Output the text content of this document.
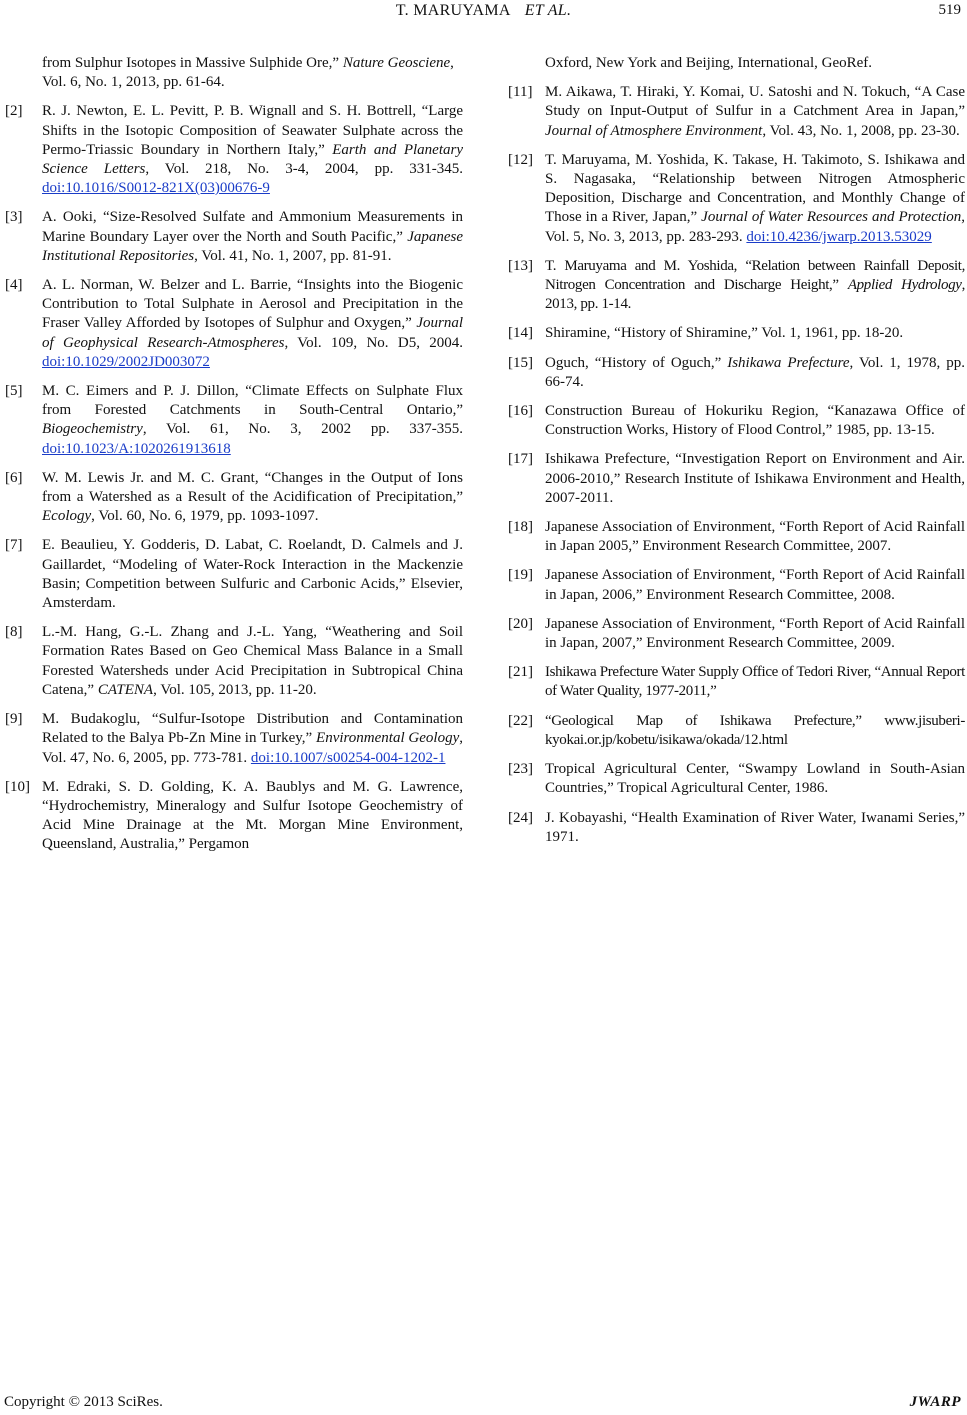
T. MARUYAMA ET AL.	519
from Sulphur Isotopes in Massive Sulphide Ore,” Nature Geosciene, Vol. 6, No. 1, 2013, pp. 61-64.
[2]	R. J. Newton, E. L. Pevitt, P. B. Wignall and S. H. Bottrell, “Large Shifts in the Isotopic Composition of Seawater Sulphate across the Permo-Triassic Boundary in Northern Italy,” Earth and Planetary Science Letters, Vol. 218, No. 3-4, 2004, pp. 331-345. doi:10.1016/S0012-821X(03)00676-9
[3]	A. Ooki, “Size-Resolved Sulfate and Ammonium Measurements in Marine Boundary Layer over the North and South Pacific,” Japanese Institutional Repositories, Vol. 41, No. 1, 2007, pp. 81-91.
[4]	A. L. Norman, W. Belzer and L. Barrie, “Insights into the Biogenic Contribution to Total Sulphate in Aerosol and Precipitation in the Fraser Valley Afforded by Isotopes of Sulphur and Oxygen,” Journal of Geophysical Research-Atmospheres, Vol. 109, No. D5, 2004. doi:10.1029/2002JD003072
[5]	M. C. Eimers and P. J. Dillon, “Climate Effects on Sulphate Flux from Forested Catchments in South-Central Ontario,” Biogeochemistry, Vol. 61, No. 3, 2002 pp. 337-355. doi:10.1023/A:1020261913618
[6]	W. M. Lewis Jr. and M. C. Grant, “Changes in the Output of Ions from a Watershed as a Result of the Acidification of Precipitation,” Ecology, Vol. 60, No. 6, 1979, pp. 1093-1097.
[7]	E. Beaulieu, Y. Godderis, D. Labat, C. Roelandt, D. Calmels and J. Gaillardet, “Modeling of Water-Rock Interaction in the Mackenzie Basin; Competition between Sulfuric and Carbonic Acids,” Elsevier, Amsterdam.
[8]	L.-M. Hang, G.-L. Zhang and J.-L. Yang, “Weathering and Soil Formation Rates Based on Geo Chemical Mass Balance in a Small Forested Watersheds under Acid Precipitation in Subtropical China Catena,” CATENA, Vol. 105, 2013, pp. 11-20.
[9]	M. Budakoglu, “Sulfur-Isotope Distribution and Contamination Related to the Balya Pb-Zn Mine in Turkey,” Environmental Geology, Vol. 47, No. 6, 2005, pp. 773-781. doi:10.1007/s00254-004-1202-1
[10] M. Edraki, S. D. Golding, K. A. Baublys and M. G. Lawrence, “Hydrochemistry, Mineralogy and Sulfur Isotope Geochemistry of Acid Mine Drainage at the Mt. Morgan Mine Environment, Queensland, Australia,” Pergamon
Oxford, New York and Beijing, International, GeoRef.
[11] M. Aikawa, T. Hiraki, Y. Komai, U. Satoshi and N. Tokuch, “A Case Study on Input-Output of Sulfur in a Catchment Area in Japan,” Journal of Atmosphere Environment, Vol. 43, No. 1, 2008, pp. 23-30.
[12] T. Maruyama, M. Yoshida, K. Takase, H. Takimoto, S. Ishikawa and S. Nagasaka, “Relationship between Nitrogen Atmospheric Deposition, Discharge and Concentration, and Monthly Change of Those in a River, Japan,” Journal of Water Resources and Protection, Vol. 5, No. 3, 2013, pp. 283-293. doi:10.4236/jwarp.2013.53029
[13] T. Maruyama and M. Yoshida, “Relation between Rainfall Deposit, Nitrogen Concentration and Discharge Height,” Applied Hydrology, 2013, pp. 1-14.
[14] Shiramine, “History of Shiramine,” Vol. 1, 1961, pp. 18-20.
[15] Oguch, “History of Oguch,” Ishikawa Prefecture, Vol. 1, 1978, pp. 66-74.
[16] Construction Bureau of Hokuriku Region, “Kanazawa Office of Construction Works, History of Flood Control,” 1985, pp. 13-15.
[17] Ishikawa Prefecture, “Investigation Report on Environment and Air. 2006-2010,” Research Institute of Ishikawa Environment and Health, 2007-2011.
[18] Japanese Association of Environment, “Forth Report of Acid Rainfall in Japan 2005,” Environment Research Committee, 2007.
[19] Japanese Association of Environment, “Forth Report of Acid Rainfall in Japan, 2006,” Environment Research Committee, 2008.
[20] Japanese Association of Environment, “Forth Report of Acid Rainfall in Japan, 2007,” Environment Research Committee, 2009.
[21] Ishikawa Prefecture Water Supply Office of Tedori River, “Annual Report of Water Quality, 1977-2011,”
[22] “Geological Map of Ishikawa Prefecture,” www.jisuberi-kyokai.or.jp/kobetu/isikawa/okada/12.html
[23] Tropical Agricultural Center, “Swampy Lowland in South-Asian Countries,” Tropical Agricultural Center, 1986.
[24] J. Kobayashi, “Health Examination of River Water, Iwanami Series,” 1971.
Copyright © 2013 SciRes.	JWARP
